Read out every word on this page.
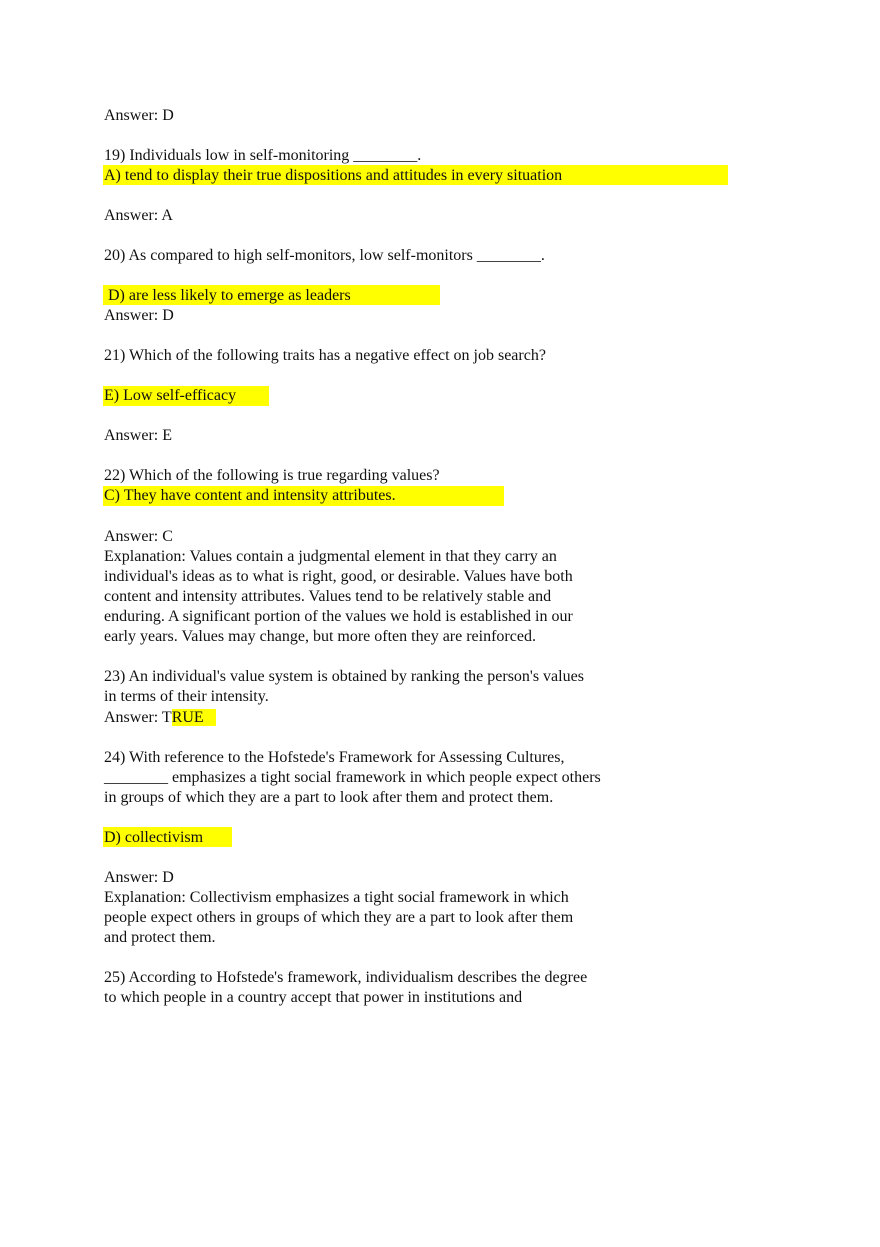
Answer: D

19) Individuals low in self-monitoring ________.

A) tend to display their true dispositions and attitudes in every situation

Answer: A

20) As compared to high self-monitors, low self-monitors ________.

D) are less likely to emerge as leaders

Answer: D

21) Which of the following traits has a negative effect on job search?

E) Low self-efficacy

Answer: E

22) Which of the following is true regarding values?

C) They have content and intensity attributes.

Answer: C

Explanation: Values contain a judgmental element in that they carry an

individual's ideas as to what is right, good, or desirable. Values have both

content and intensity attributes. Values tend to be relatively stable and

enduring. A significant portion of the values we hold is established in our

early years. Values may change, but more often they are reinforced.

23) An individual's value system is obtained by ranking the person's values

in terms of their intensity.

Answer: TRUE

24) With reference to the Hofstede's Framework for Assessing Cultures,

________ emphasizes a tight social framework in which people expect others

in groups of which they are a part to look after them and protect them.

D) collectivism

Answer: D

Explanation: Collectivism emphasizes a tight social framework in which

people expect others in groups of which they are a part to look after them

and protect them.

25) According to Hofstede's framework, individualism describes the degree

to which people in a country accept that power in institutions and
